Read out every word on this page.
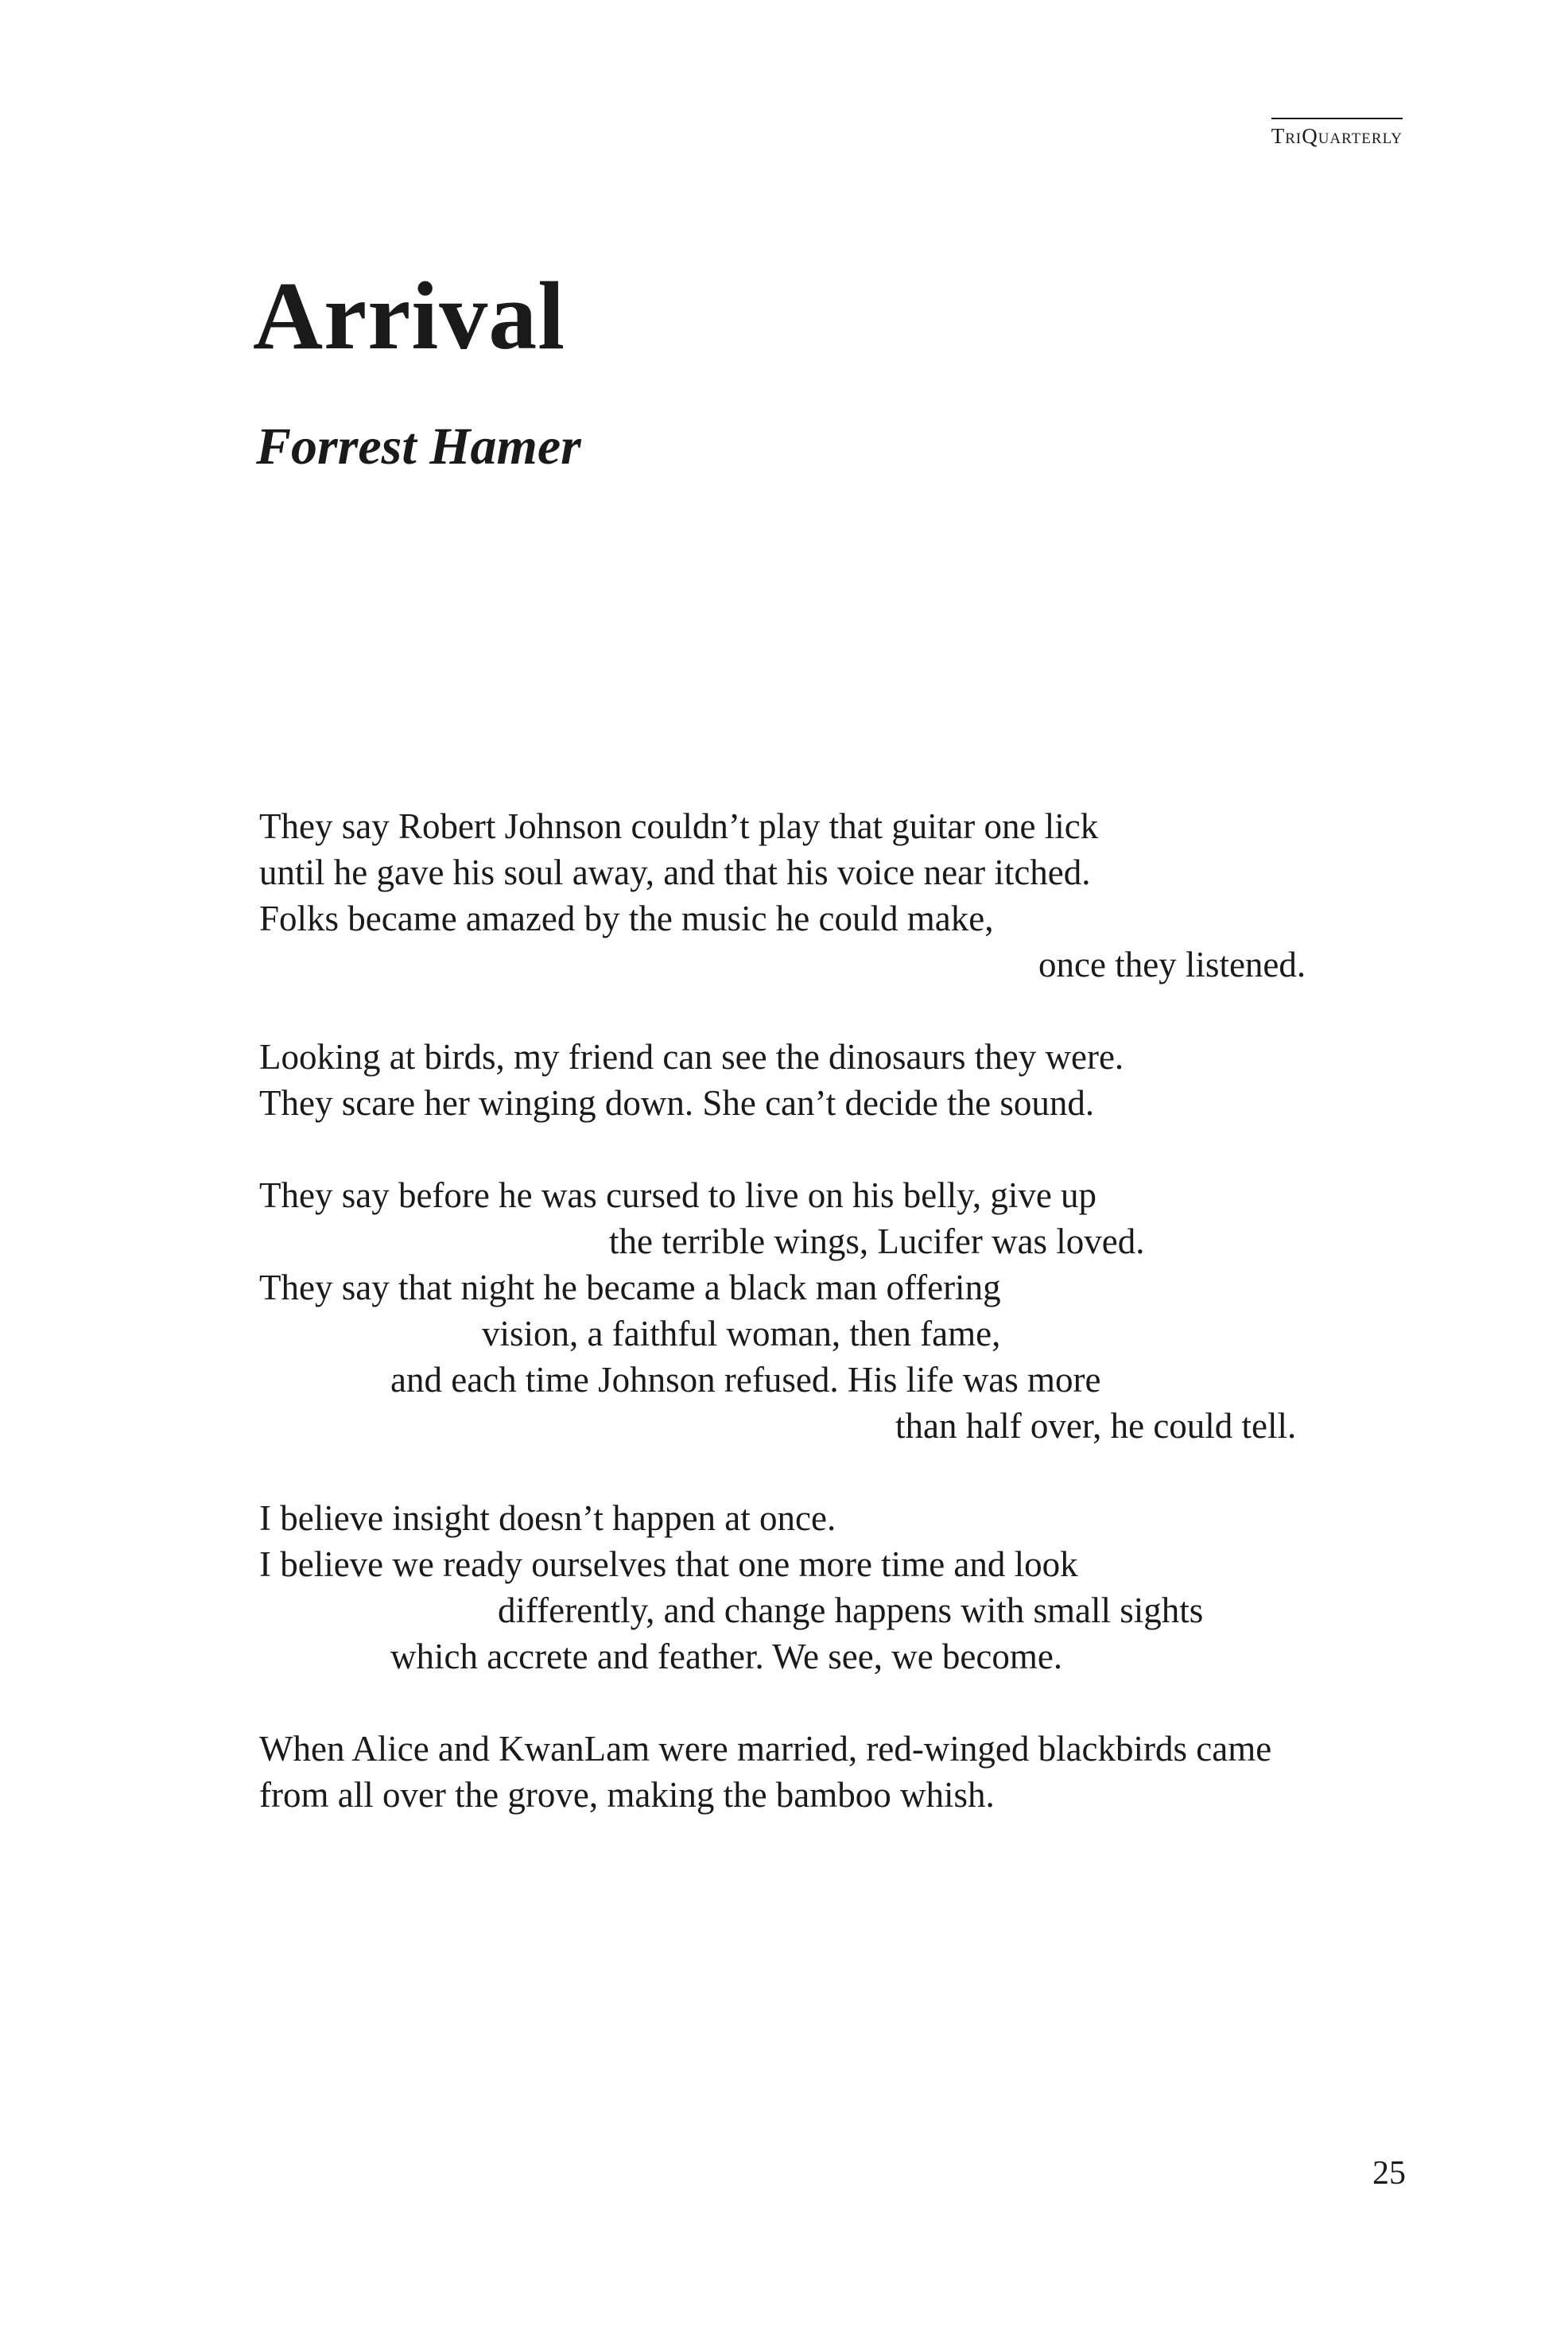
TriQuarterly
Arrival
Forrest Hamer

They say Robert Johnson couldn’t play that guitar one lick
until he gave his soul away, and that his voice near itched.
Folks became amazed by the music he could make,
once they listened.

Looking at birds, my friend can see the dinosaurs they were.
They scare her winging down. She can’t decide the sound.

They say before he was cursed to live on his belly, give up
the terrible wings, Lucifer was loved.
They say that night he became a black man offering
vision, a faithful woman, then fame,
and each time Johnson refused. His life was more
than half over, he could tell.

I believe insight doesn’t happen at once.
I believe we ready ourselves that one more time and look
differently, and change happens with small sights
which accrete and feather. We see, we become.

When Alice and KwanLam were married, red-winged blackbirds came
from all over the grove, making the bamboo whish.

25
